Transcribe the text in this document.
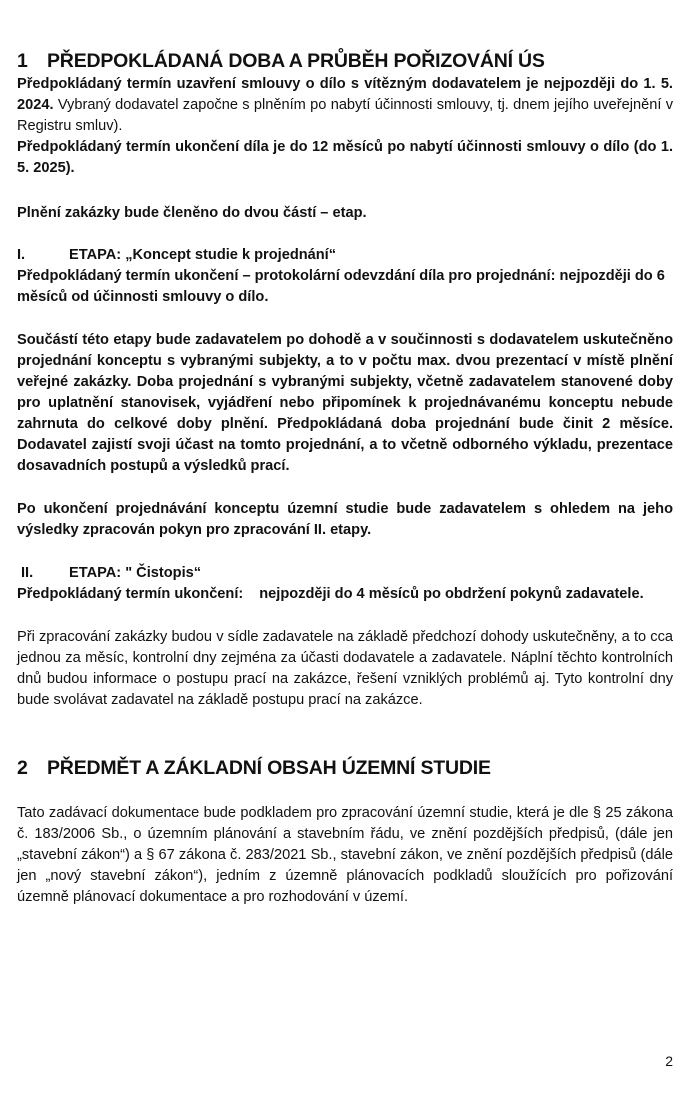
1 PŘEDPOKLÁDANÁ DOBA A PRŮBĚH POŘIZOVÁNÍ ÚS

Předpokládaný termín uzavření smlouvy o dílo s vítězným dodavatelem je nejpozději do 1. 5. 2024. Vybraný dodavatel započne s plněním po nabytí účinnosti smlouvy, tj. dnem jejího uveřejnění v Registru smluv).

Předpokládaný termín ukončení díla je do 12 měsíců po nabytí účinnosti smlouvy o dílo (do 1. 5. 2025).

Plnění zakázky bude členěno do dvou částí – etap.

I.	ETAPA: „Koncept studie k projednání“

Předpokládaný termín ukončení – protokolární odevzdání díla pro projednání: nejpozději do 6 měsíců od účinnosti smlouvy o dílo.

Součástí této etapy bude zadavatelem po dohodě a v součinnosti s dodavatelem uskutečněno projednání konceptu s vybranými subjekty, a to v počtu max. dvou prezentací v místě plnění veřejné zakázky. Doba projednání s vybranými subjekty, včetně zadavatelem stanovené doby pro uplatnění stanovisek, vyjádření nebo připomínek k projednávanému konceptu nebude zahrnuta do celkové doby plnění. Předpokládaná doba projednání bude činit 2 měsíce. Dodavatel zajistí svoji účast na tomto projednání, a to včetně odborného výkladu, prezentace dosavadních postupů a výsledků prací.

Po ukončení projednávání konceptu územní studie bude zadavatelem s ohledem na jeho výsledky zpracován pokyn pro zpracování II. etapy.

II. ETAPA: " Čistopis“

Předpokládaný termín ukončení: nejpozději do 4 měsíců po obdržení pokynů zadavatele.

Při zpracování zakázky budou v sídle zadavatele na základě předchozí dohody uskutečněny, a to cca jednou za měsíc, kontrolní dny zejména za účasti dodavatele a zadavatele. Náplní těchto kontrolních dnů budou informace o postupu prací na zakázce, řešení vzniklých problémů aj. Tyto kontrolní dny bude svolávat zadavatel na základě postupu prací na zakázce.

2 PŘEDMĚT A ZÁKLADNÍ OBSAH ÚZEMNÍ STUDIE

Tato zadávací dokumentace bude podkladem pro zpracování územní studie, která je dle § 25 zákona č. 183/2006 Sb., o územním plánování a stavebním řádu, ve znění pozdějších předpisů, (dále jen „stavební zákon“) a § 67 zákona č. 283/2021 Sb., stavební zákon, ve znění pozdějších předpisů (dále jen „nový stavební zákon“), jedním z územně plánovacích podkladů sloužících pro pořizování územně plánovací dokumentace a pro rozhodování v území.

2
